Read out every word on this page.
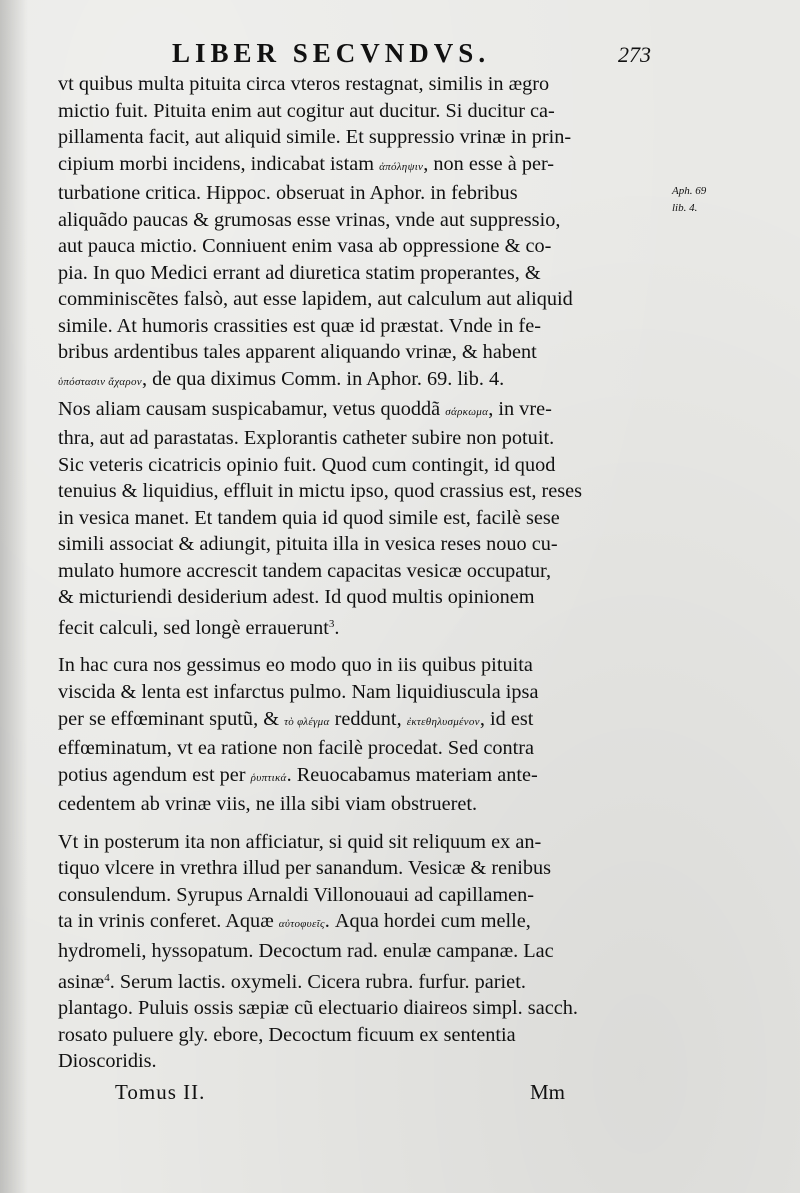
LIBER SECVNDVS.	273
vt quibus multa pituita circa vteros restagnat, similis in ægro
mictio fuit. Pituita enim aut cogitur aut ducitur. Si ducitur ca-
pillamenta facit, aut aliquid simile. Et suppressio vrinæ in prin-
cipium morbi incidens, indicabat istam ἀπόληψιν, non esse à per-
turbatione critica. Hippoc. obseruat in Aphor. in febribus
aliquãdo paucas & grumosas esse vrinas, vnde aut suppressio,
aut pauca mictio. Conniuent enim vasa ab oppressione & co-
pia. In quo Medici errant ad diuretica statim properantes, &
comminiscẽtes falsò, aut esse lapidem, aut calculum aut aliquid
simile. At humoris crassities est quæ id præstat. Vnde in fe-
bribus ardentibus tales apparent aliquando vrinæ, & habent
ὑπόστασιν ἄχαρον, de qua diximus Comm. in Aphor. 69. lib. 4.
Nos aliam causam suspicabamur, vetus quoddã σάρκωμα, in vre-
thra, aut ad parastatas. Explorantis catheter subire non potuit.
Sic veteris cicatricis opinio fuit. Quod cum contingit, id quod
tenuius & liquidius, effluit in mictu ipso, quod crassius est, reses
in vesica manet. Et tandem quia id quod simile est, facilè sese
simili associat & adiungit, pituita illa in vesica reses nouo cu-
mulato humore accrescit tandem capacitas vesicæ occupatur,
& micturiendi desiderium adest. Id quod multis opinionem
fecit calculi, sed longè errauerunt$^3$.
In hac cura nos gessimus eo modo quo in iis quibus pituita
viscida & lenta est infarctus pulmo. Nam liquidiuscula ipsa
per se effœminant sputũ, & τὸ φλέγμα reddunt, ἐκτεθηλυσμένον, id est
effœminatum, vt ea ratione non facilè procedat. Sed contra
potius agendum est per ῥυπτικά. Reuocabamus materiam ante-
cedentem ab vrinæ viis, ne illa sibi viam obstrueret.
Vt in posterum ita non afficiatur, si quid sit reliquum ex an-
tiquo vlcere in vrethra illud per sanandum. Vesicæ & renibus
consulendum. Syrupus Arnaldi Villonouaui ad capillamen-
ta in vrinis conferet. Aquæ αὐτοφυεῖς. Aqua hordei cum melle,
hydromeli, hyssopatum. Decoctum rad. enulæ campanæ. Lac
asinæ$^4$. Serum lactis. oxymeli. Cicera rubra. furfur. pariet.
plantago. Puluis ossis sæpiæ cũ electuario diaireos simpl. sacch.
rosato puluere gly. ebore, Decoctum ficuum ex sententia
Dioscoridis.
Aph. 69
lib. 4.
Tomus II.	Mm
